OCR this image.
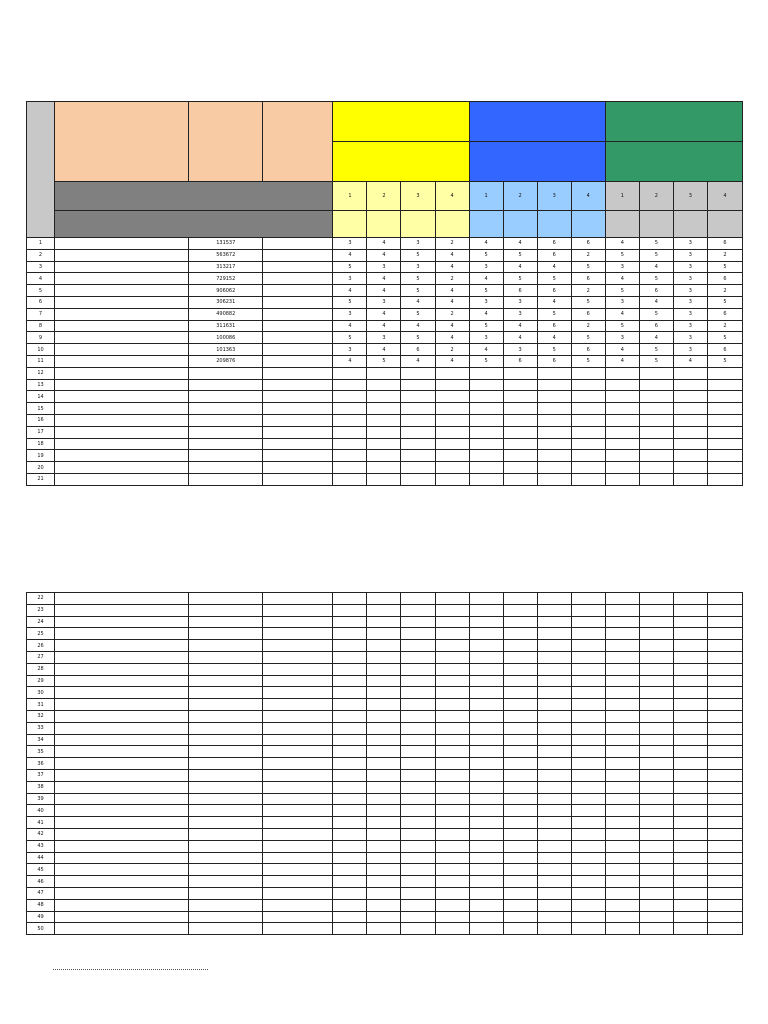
				1	2	3	4	1	2	3	4	1	2	3	4

1		131537		3	4	3	2	4	4	6	6	4	5	3	6
2		563672		4	4	5	4	5	5	6	2	5	5	3	2
3		313217		5	3	3	4	3	4	4	5	3	4	3	5
4		729152		3	4	5	2	4	5	5	6	4	5	3	6
5		906062		4	4	5	4	5	6	6	2	5	6	3	2
6		306231		5	3	4	4	3	3	4	5	3	4	3	5
7		490882		3	4	5	2	4	3	5	6	4	5	3	6
8		311631		4	4	4	4	5	4	6	2	5	6	3	2
9		100086		5	3	5	4	3	4	4	5	3	4	3	5
10		101363		3	4	6	2	4	3	5	6	4	5	3	6
11		209876		4	5	4	4	5	6	6	5	4	5	4	5
12															
13															
14															
15															
16															
17															
18															
19															
20															
21															
22															
23															
24															
25															
26															
27															
28															
29															
30															
31															
32															
33															
34															
35															
36															
37															
38															
39															
40															
41															
42															
43															
44															
45															
46															
47															
48															
49															
50															
